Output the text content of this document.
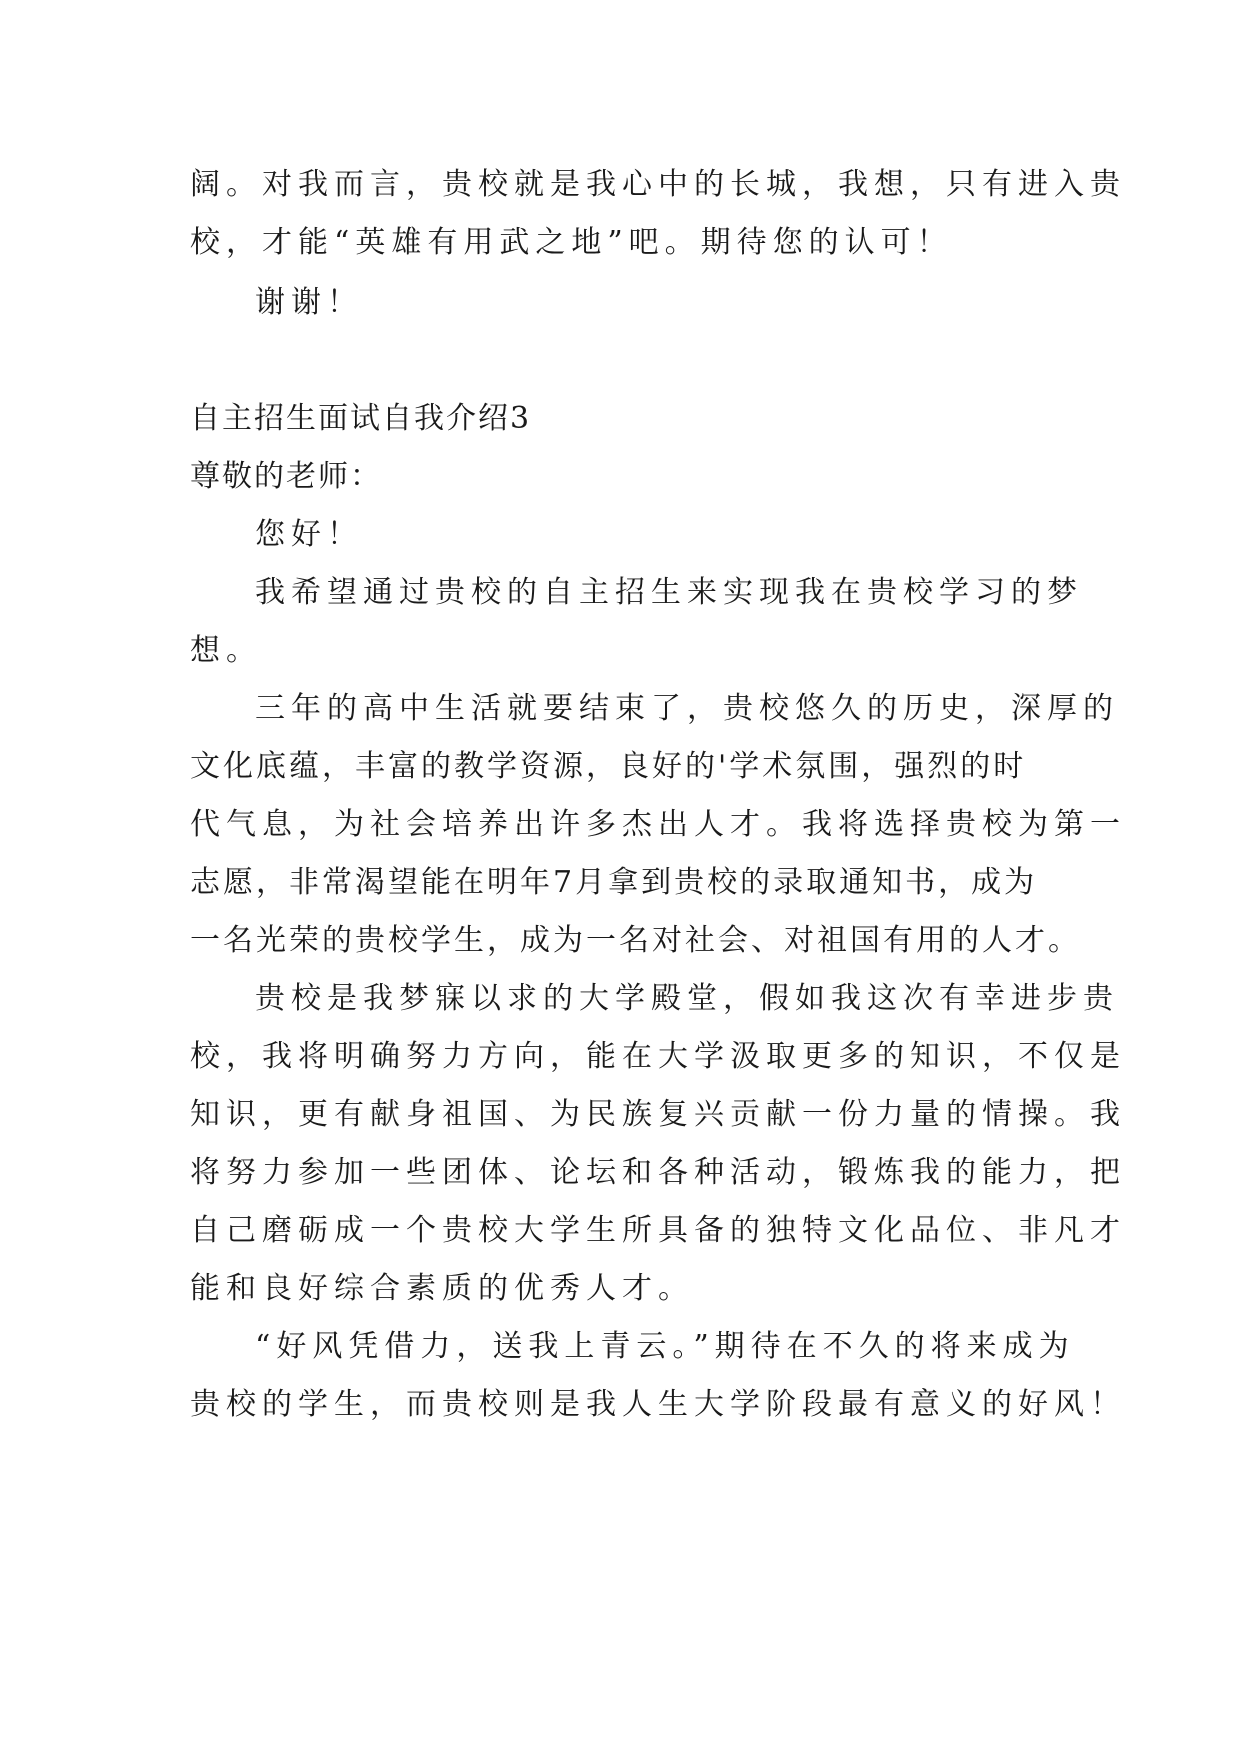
阔。对我而言，贵校就是我心中的长城，我想，只有进入贵
校，才能“英雄有用武之地”吧。期待您的认可！
谢谢！
自主招生面试自我介绍3
尊敬的老师：
您好！
我希望通过贵校的自主招生来实现我在贵校学习的梦
想。
三年的高中生活就要结束了，贵校悠久的历史，深厚的
文化底蕴，丰富的教学资源，良好的'学术氛围，强烈的时
代气息，为社会培养出许多杰出人才。我将选择贵校为第一
志愿，非常渴望能在明年7月拿到贵校的录取通知书，成为
一名光荣的贵校学生，成为一名对社会、对祖国有用的人才。
贵校是我梦寐以求的大学殿堂，假如我这次有幸进步贵
校，我将明确努力方向，能在大学汲取更多的知识，不仅是
知识，更有献身祖国、为民族复兴贡献一份力量的情操。我
将努力参加一些团体、论坛和各种活动，锻炼我的能力，把
自己磨砺成一个贵校大学生所具备的独特文化品位、非凡才
能和良好综合素质的优秀人才。
“好风凭借力，送我上青云。”期待在不久的将来成为
贵校的学生，而贵校则是我人生大学阶段最有意义的好风！
